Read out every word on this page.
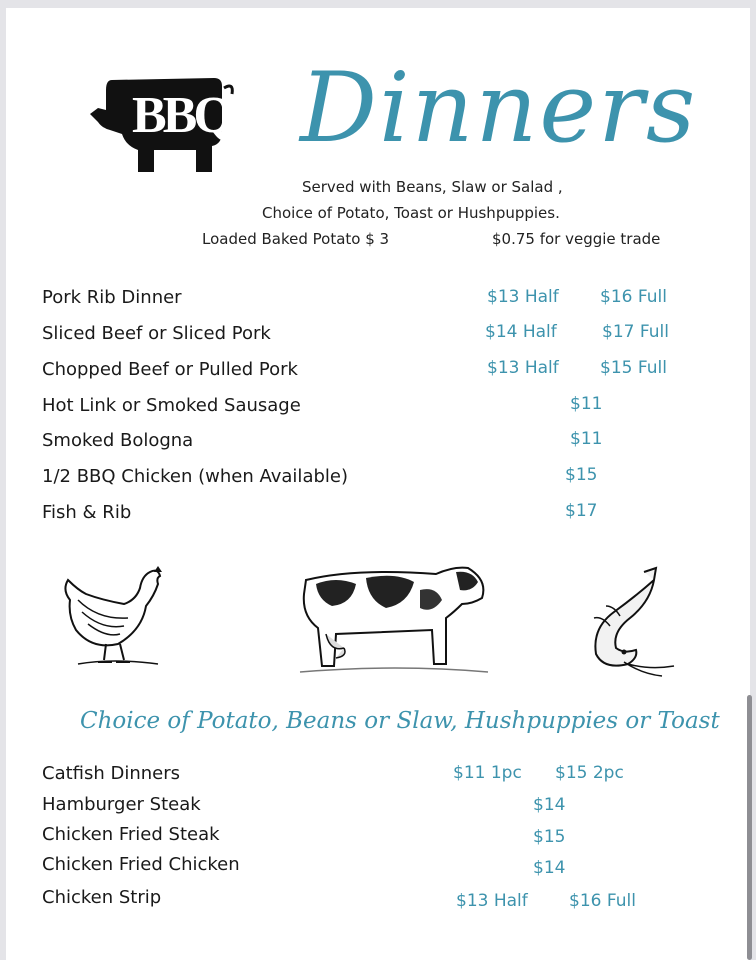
BBQ Dinners
Served with Beans, Slaw or Salad ,
Choice of Potato, Toast or Hushpuppies.
Loaded Baked Potato $ 3	$0.75 for veggie trade
Pork Rib Dinner	$13 Half $16 Full
Sliced Beef or Sliced Pork	$14 Half	$17 Full
Chopped Beef or Pulled Pork	$13 Half $15 Full
Hot Link or Smoked Sausage	$11
Smoked Bologna	$11
1/2 BBQ Chicken (when Available)	$15
Fish & Rib	$17
Choice of Potato, Beans or Slaw, Hushpuppies or Toast
Catfish Dinners	$11 1pc $15 2pc
Hamburger Steak	$14
Chicken Fried Steak	$15
Chicken Fried Chicken	$14
Chicken Strip	$13 Half $16 Full
